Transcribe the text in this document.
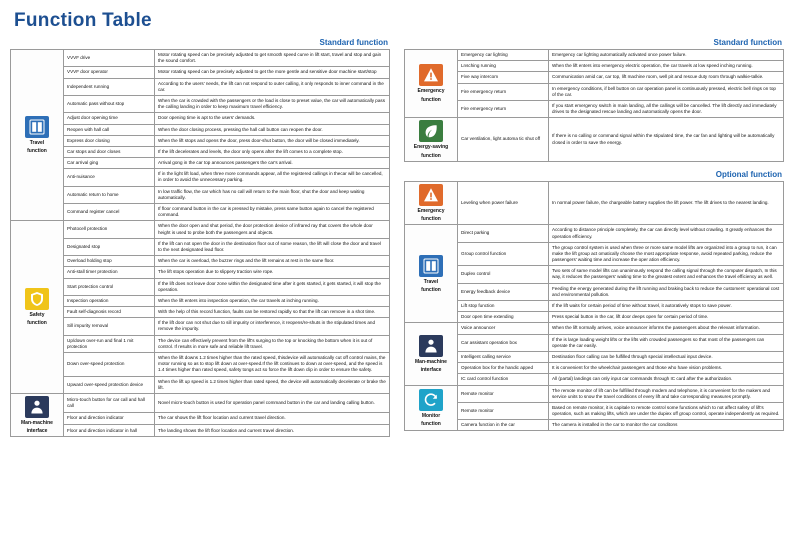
Function Table
Standard function
Travel
function	VVVF drive	Motor rotating speed can be precisely adjusted to get smooth speed curve in lift start, travel and stop and gain the sound comfort.
	VVVF door operator	Motor rotating speed can be precisely adjusted to get the more gentle and sensitive door machine start/stop
	Independent running	According to the users' needs, the lift can not respond to outer calling, it only responds to inner command in the car.
	Automatic pass without stop	When the car is crowded with the passengers or the load is close to preset value, the car will automatically pass the calling landing in order to keep maximum travel efficiency.
	Adjust door opening time	Door opening time is apt to the users' demands.
	Reopen with hall call	When the door closing process, pressing the hall call button can reopen the door.
	Express door closing	When the lift stops and opens the door, press door-shut button, the door will be closed immediately.
	Car stops and door closes	If the lift decelerates and levels, the door only opens after the lift comes to a complete stop.
	Car arrival ging	Arrival gong in the car top announces passengers the car's arrival.
	Anti-nuisance	If in the light lift load, when three more commands appear, all the registered callings in thecar will be cancelled, in order to avoid the unnecessary parking.
	Automatic return to home	In low traffic flow, the car which has no call will return to the main floor, shut the door and keep waiting automatically.
	Command register cancel	If floor command button in the car is pressed by mistake, press same button again to cancel the registered command.

Safety
function	Photocell protection	When the door open and shut period, the door protection device of infrared ray that covers the whole door height is used to probe both the passengers and objects.
	Designated stop	If the lift can not open the door in the destination floor out of some reason, the lift will close the door and travel to the next designated lead floor.
	Overload holding stop	When the car is overload, the buzzer rings and the lift remains at rest in the same floor.
	Anti-stall timer protection	The lift stops operation due to slippery traction wire rope.
	Start protection control	If the lift does not leave door zone within the designated time after it gets started, it gets started, it will stop the operation.
	Inspection operation	When the lift enters into inspection operation, the car travels at inching running.
	Fault self-diagnosis record	With the help of this record function, faults can be restored rapidly so that the lift can remove in a shot time.
	Sill impurity removal	If the lift door can not shut due to sill impurity or interference, it reopens/re-shuts in the stipulated times and remove the impurity.
	Up/down over-run and final 1 mit protection	The device can effectively prevent from the lift's surging to the top or knocking the bottom when it is out of control. If results in more safe and reliable lift travel.
	Down over-speed protection	When the lift downs 1.2 times higher than the rated speed, thisdevice will automatically cut off control mains, the motor running so as to stop lift down at over-speed.If the lift continues to down at over-speed, and the speed is 1.4 times higher than rated speed, safety tongs act so force the lift down clip in order to ensure the safety.
	Upward over-speed protection device	When the lift up speed is 1.2 times higher than rated speed, the device will automatically decelerate or brake the lift.

Man-machine
interface	Micro-touch button for car call and hall call	Novel micro-touch button is used for operation panel command button in the car and landing calling button.
	Floor and direction indicator	The car shows the lift floor location and current travel direction.
	Floor and direction indicator in hall	The landing shows the lift floor location and current travel direction.
Standard function
Emergency
function	Emergency car lighting	Emergency car lighting automatically activated once power failure.
	Lnsching running	When the lift enters into emergency electric operation, the car travels at low speed inching running.
	Five way intercom	Communication amid car, car top, lift machine room, well pit and rescue duty room through walkie-talkie.
	Fire emergency return	In emergency conditions, if bell button on car operation panel is continuously pressed, electric bell rings on top of the car.
	Fire emergency return	If you start emergency switch in main landing, all the callings will be cancelled. The lift directly and immediately drives to the designated rescue landing and automatically opens the door.

Energy-saving
function	Car ventilation, light automa tic shut off	If there is no calling or command signal within the stipulated time, the car fan and lighting will be automatically closed in order to save the energy.
Optional function
Emergency
function	Leveling when power failure	In normal power failure, the chargeable battery supplies the lift power. The lift drives to the nearest landing.

Travel
function	Direct parking	According to distance principle completely, the car can directly level without crawling. It greatly enhances the operation efficiency.
	Group control function	The group control system is used when three or more same model lifts are organized into a group to run, it can make the lift group act omatically choose the most appropriate response, avoid repeated parking, reduce the passengers' waiting time and increase the oper ation efficiency.
	Duplex control	Two sets of same model lifts can unanimously respond the calling signal through the computer dispatch, In this way, it reduces the passengers' waiting time to the greatest extent and enhances the travel efficiency as well.
	Energy feedback device	Feeding the energy generated during the lift running and braking back to reduce the customers' operational cost and environmental pollution.
	Lift stop function	If the lift waits for certain period of time without travel, it autoratively stops to save power.
	Door open time extending	Press special button in the car, lift door deeps open for certain period of time.

Man-machine
interface	Voice announcer	When the lift normally arrives, voice announcer informs the passengers about the relevant information.
	Car assistant operation box	If the is large loading weight lifts or the lifts with crowded passengers so that most of the passengers can operate the car easily.
	Intelligent calling service	Destination floor calling can be fulfilled through special intellectual input device.
	Operation box for the handic apped	It is convenient for the wheelchair passengers and those who have vision problems.
	IC card control function	All (partal) landings can only input car commands through IC card after the authorization.

Monitor
function	Remote monitor	The remote monitor of lift can be fulfilled through modem and telephone, it is convenient for the makers and service units to snow the travel conditions of every lift and take corresponding measures promptly.
	Remote monitor	Based on remote monitor, it is capitale to remote control some functions which to not affect safety of lift's operation, such as making lifts, which are under the dupiex off group control, operate independently as required.
	Camera function in the car	The camera is installed in the car to monitor the car conditons
